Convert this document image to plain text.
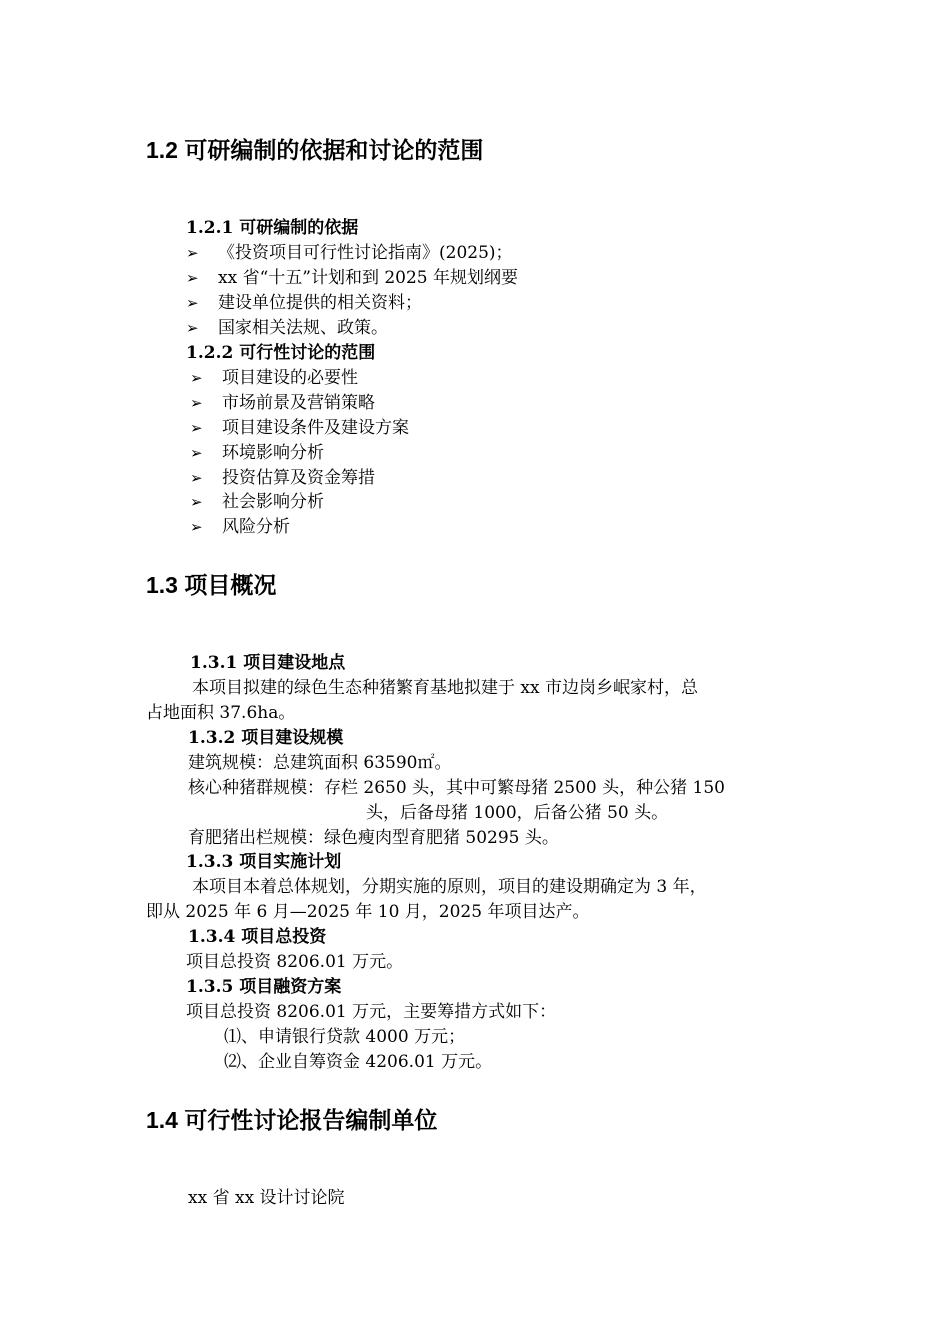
1.2 可研编制的依据和讨论的范围
1.2.1 可研编制的依据
➢ 《投资项目可行性讨论指南》(2025)；
➢ xx 省“十五”计划和到 2025 年规划纲要
➢ 建设单位提供的相关资料；
➢ 国家相关法规、政策。
1.2.2 可行性讨论的范围
➢ 项目建设的必要性
➢ 市场前景及营销策略
➢ 项目建设条件及建设方案
➢ 环境影响分析
➢ 投资估算及资金筹措
➢ 社会影响分析
➢ 风险分析
1.3 项目概况
1.3.1 项目建设地点
本项目拟建的绿色生态种猪繁育基地拟建于 xx 市边岗乡岷家村，总
占地面积 37.6ha。
1.3.2 项目建设规模
建筑规模：总建筑面积 63590㎡。
核心种猪群规模：存栏 2650 头，其中可繁母猪 2500 头，种公猪 150
头，后备母猪 1000，后备公猪 50 头。
育肥猪出栏规模：绿色瘦肉型育肥猪 50295 头。
1.3.3 项目实施计划
本项目本着总体规划，分期实施的原则，项目的建设期确定为 3 年，
即从 2025 年 6 月—2025 年 10 月，2025 年项目达产。
1.3.4 项目总投资
项目总投资 8206.01 万元。
1.3.5 项目融资方案
项目总投资 8206.01 万元，主要筹措方式如下：
⑴、申请银行贷款 4000 万元；
⑵、企业自筹资金 4206.01 万元。
1.4 可行性讨论报告编制单位
xx 省 xx 设计讨论院
